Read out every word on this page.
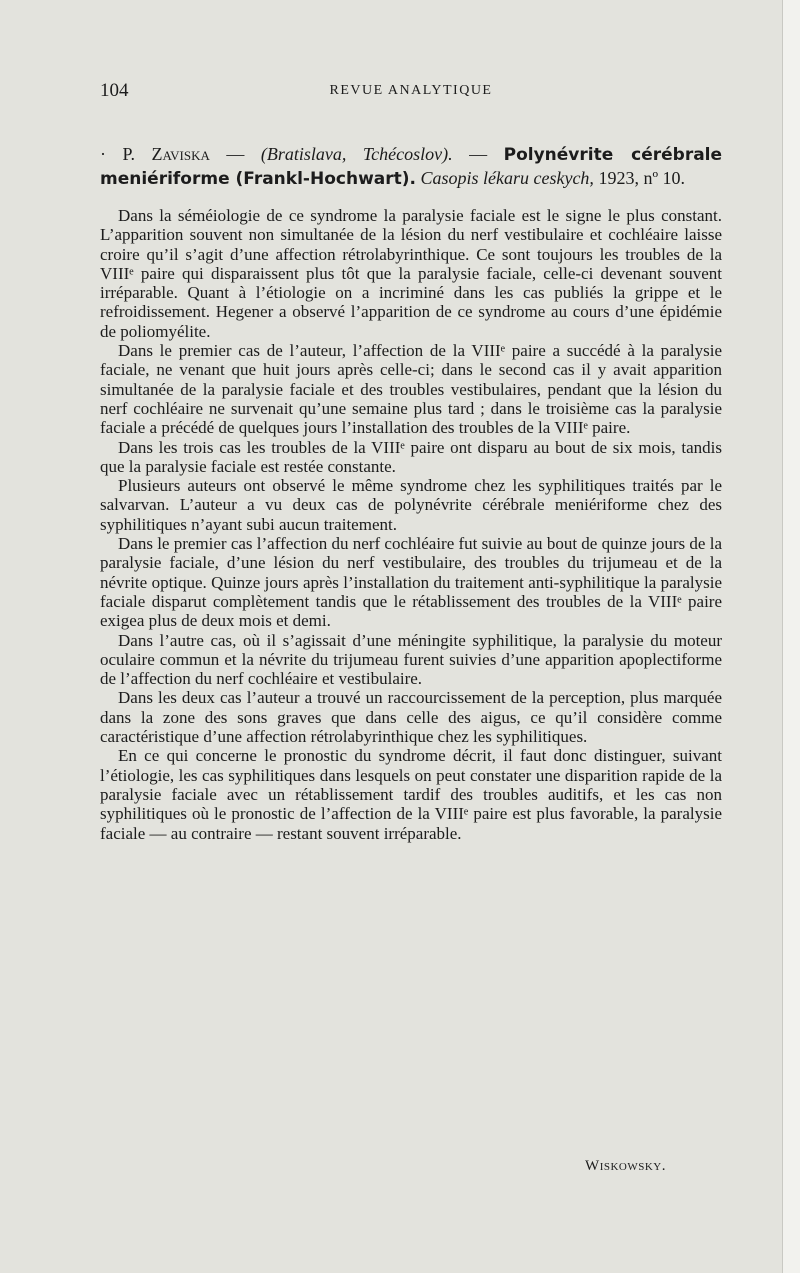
104	REVUE ANALYTIQUE

· P. Zaviska — (Bratislava, Tchécoslov). — Polynévrite cérébrale meniériforme (Frankl-Hochwart). Casopis lékaru ceskych, 1923, nº 10.

Dans la séméiologie de ce syndrome la paralysie faciale est le signe le plus constant. L’apparition souvent non simultanée de la lésion du nerf vestibulaire et cochléaire laisse croire qu’il s’agit d’une affection rétrolabyrinthique. Ce sont toujours les troubles de la VIIIᵉ paire qui disparaissent plus tôt que la paralysie faciale, celle-ci devenant souvent irréparable. Quant à l’étiologie on a incriminé dans les cas publiés la grippe et le refroidissement. Hegener a observé l’apparition de ce syndrome au cours d’une épidémie de poliomyélite.

Dans le premier cas de l’auteur, l’affection de la VIIIᵉ paire a succédé à la paralysie faciale, ne venant que huit jours après celle-ci; dans le second cas il y avait apparition simultanée de la paralysie faciale et des troubles vestibulaires, pendant que la lésion du nerf cochléaire ne survenait qu’une semaine plus tard ; dans le troisième cas la paralysie faciale a précédé de quelques jours l’installation des troubles de la VIIIᵉ paire.

Dans les trois cas les troubles de la VIIIᵉ paire ont disparu au bout de six mois, tandis que la paralysie faciale est restée constante.

Plusieurs auteurs ont observé le même syndrome chez les syphilitiques traités par le salvarvan. L’auteur a vu deux cas de polynévrite cérébrale meniériforme chez des syphilitiques n’ayant subi aucun traitement.

Dans le premier cas l’affection du nerf cochléaire fut suivie au bout de quinze jours de la paralysie faciale, d’une lésion du nerf vestibulaire, des troubles du trijumeau et de la névrite optique. Quinze jours après l’installation du traitement anti-syphilitique la paralysie faciale disparut complètement tandis que le rétablissement des troubles de la VIIIᵉ paire exigea plus de deux mois et demi.

Dans l’autre cas, où il s’agissait d’une méningite syphilitique, la paralysie du moteur oculaire commun et la névrite du trijumeau furent suivies d’une apparition apoplectiforme de l’affection du nerf cochléaire et vestibulaire.

Dans les deux cas l’auteur a trouvé un raccourcissement de la perception, plus marquée dans la zone des sons graves que dans celle des aigus, ce qu’il considère comme caractéristique d’une affection rétrolabyrinthique chez les syphilitiques.

En ce qui concerne le pronostic du syndrome décrit, il faut donc distinguer, suivant l’étiologie, les cas syphilitiques dans lesquels on peut constater une disparition rapide de la paralysie faciale avec un rétablissement tardif des troubles auditifs, et les cas non syphilitiques où le pronostic de l’affection de la VIIIᵉ paire est plus favorable, la paralysie faciale — au contraire — restant souvent irréparable.

Wiskowsky.
